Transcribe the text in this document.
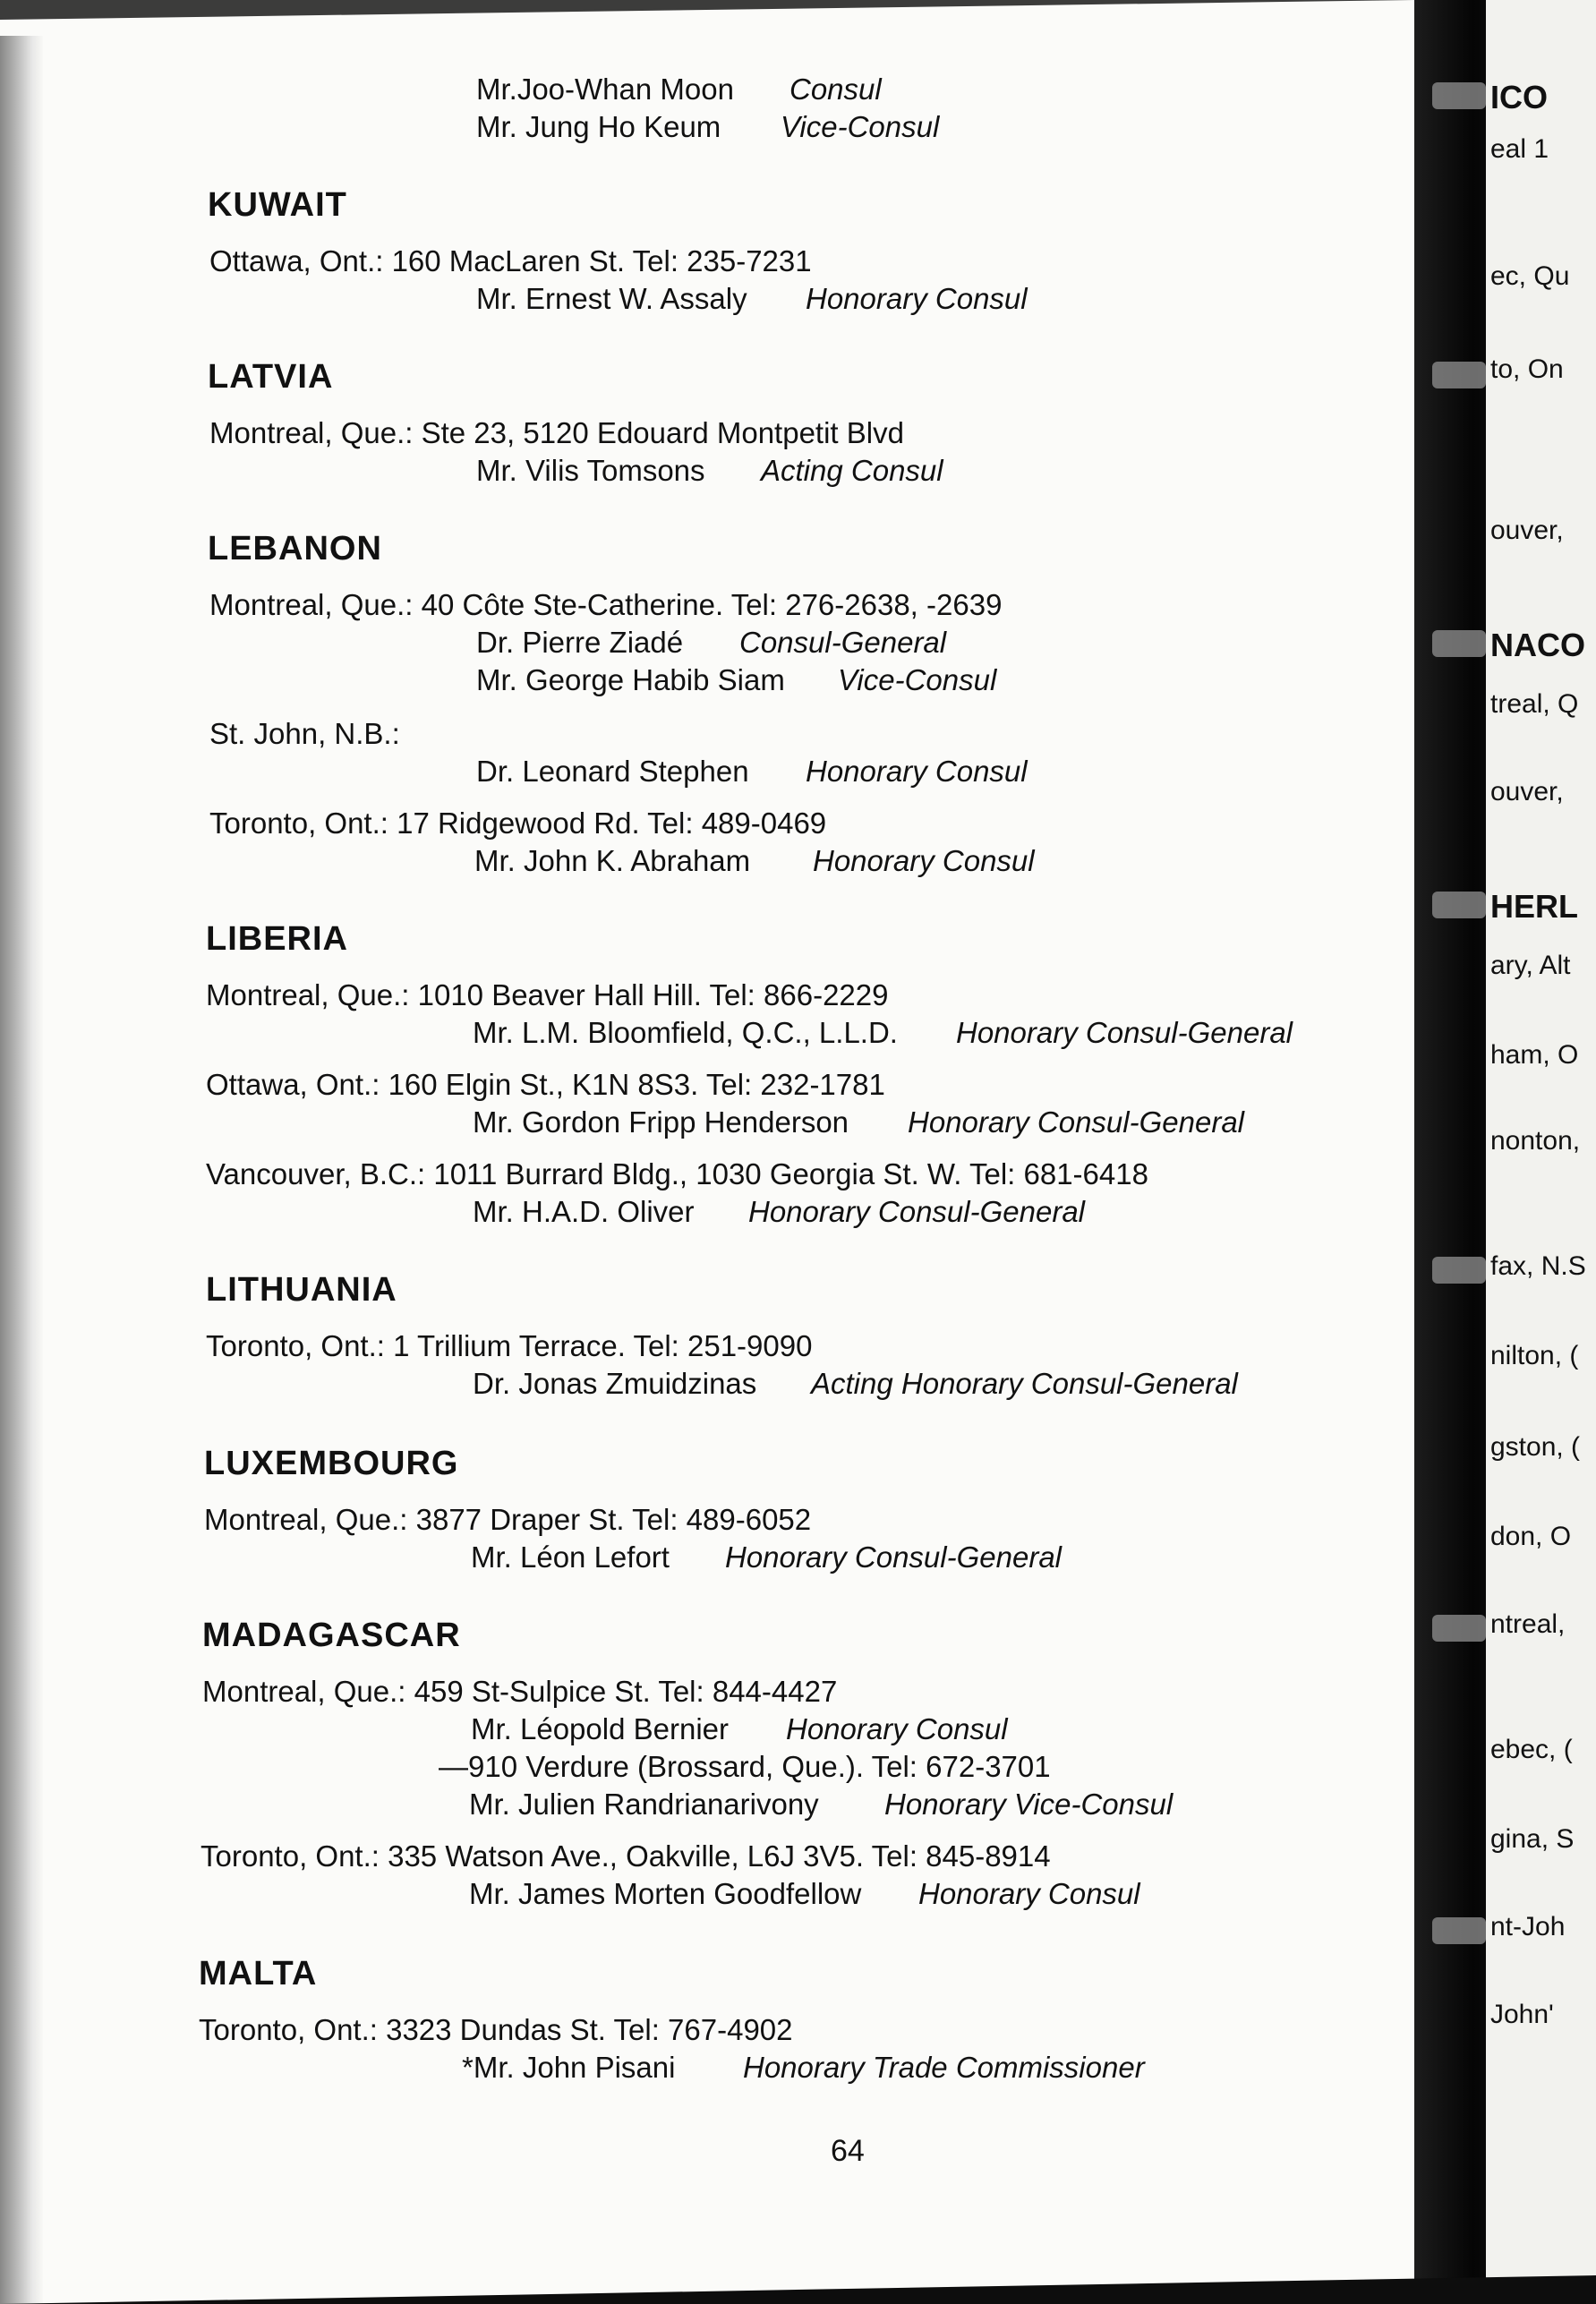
Mr.Joo-Whan Moon Consul
Mr. Jung Ho Keum Vice-Consul
KUWAIT
Ottawa, Ont.: 160 MacLaren St. Tel: 235-7231
Mr. Ernest W. Assaly Honorary Consul
LATVIA
Montreal, Que.: Ste 23, 5120 Edouard Montpetit Blvd
Mr. Vilis Tomsons Acting Consul
LEBANON
Montreal, Que.: 40 Côte Ste-Catherine. Tel: 276-2638, -2639
Dr. Pierre Ziadé Consul-General
Mr. George Habib Siam Vice-Consul
St. John, N.B.:
Dr. Leonard Stephen Honorary Consul
Toronto, Ont.: 17 Ridgewood Rd. Tel: 489-0469
Mr. John K. Abraham Honorary Consul
LIBERIA
Montreal, Que.: 1010 Beaver Hall Hill. Tel: 866-2229
Mr. L.M. Bloomfield, Q.C., L.L.D. Honorary Consul-General
Ottawa, Ont.: 160 Elgin St., K1N 8S3. Tel: 232-1781
Mr. Gordon Fripp Henderson Honorary Consul-General
Vancouver, B.C.: 1011 Burrard Bldg., 1030 Georgia St. W. Tel: 681-6418
Mr. H.A.D. Oliver Honorary Consul-General
LITHUANIA
Toronto, Ont.: 1 Trillium Terrace. Tel: 251-9090
Dr. Jonas Zmuidzinas Acting Honorary Consul-General
LUXEMBOURG
Montreal, Que.: 3877 Draper St. Tel: 489-6052
Mr. Léon Lefort Honorary Consul-General
MADAGASCAR
Montreal, Que.: 459 St-Sulpice St. Tel: 844-4427
Mr. Léopold Bernier Honorary Consul
—910 Verdure (Brossard, Que.). Tel: 672-3701
Mr. Julien Randrianarivony Honorary Vice-Consul
Toronto, Ont.: 335 Watson Ave., Oakville, L6J 3V5. Tel: 845-8914
Mr. James Morten Goodfellow Honorary Consul
MALTA
Toronto, Ont.: 3323 Dundas St. Tel: 767-4902
*Mr. John Pisani Honorary Trade Commissioner
64
ICO
eal 1
ec, Qu
to, On
ouver,
NACO
treal, Q
ouver,
HERL
ary, Alt
ham, O
nonton,
fax, N.S
nilton, (
gston, (
don, O
ntreal,
ebec, (
gina, S
nt-Joh
John'
